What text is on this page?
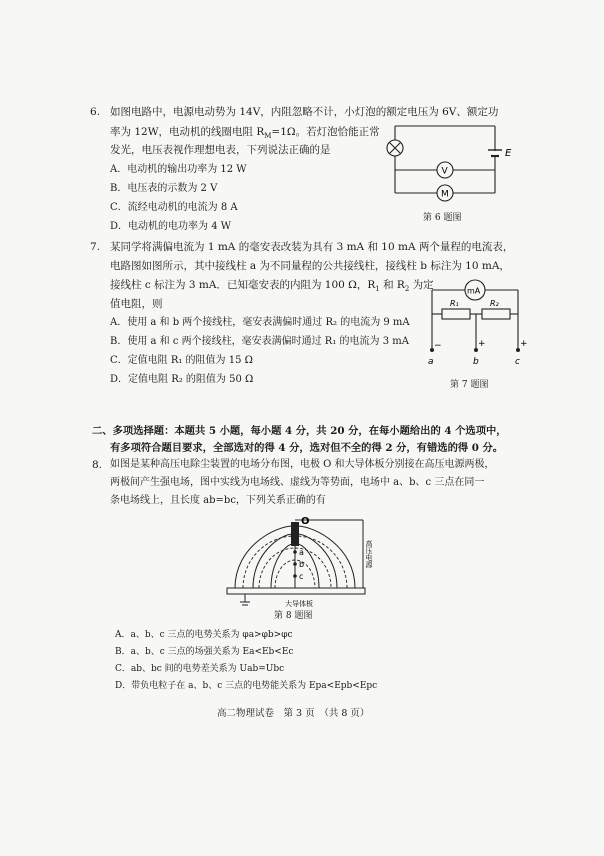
6. 如图电路中，电源电动势为 14V，内阻忽略不计，小灯泡的额定电压为 6V、额定功
率为 12W，电动机的线圈电阻 $R_M=1\Omega$。若灯泡恰能正常
发光，电压表视作理想电表，下列说法正确的是
A．电动机的输出功率为 12 W
B．电压表的示数为 2 V
C．流经电动机的电流为 8 A
D．电动机的电功率为 4 W
E
V
M
第 6 题图
7. 某同学将满偏电流为 1 mA 的毫安表改装为具有 3 mA 和 10 mA 两个量程的电流表，
电路图如图所示，其中接线柱 a 为不同量程的公共接线柱，接线柱 b 标注为 10 mA，
接线柱 c 标注为 3 mA．已知毫安表的内阻为 100 Ω，$R_1$ 和 $R_2$ 为定
值电阻，则
A．使用 a 和 b 两个接线柱，毫安表满偏时通过 R₂ 的电流为 9 mA
B．使用 a 和 c 两个接线柱，毫安表满偏时通过 R₁ 的电流为 3 mA
C．定值电阻 R₁ 的阻值为 15 Ω
D．定值电阻 R₂ 的阻值为 50 Ω
mA
R₁	R₂
−	+	+
a	b	c
第 7 题图
二、多项选择题：本题共 5 小题，每小题 4 分，共 20 分，在每小题给出的 4 个选项中，
有多项符合题目要求，全部选对的得 4 分，选对但不全的得 2 分，有错选的得 0 分。
8. 如图是某种高压电除尘装置的电场分布图，电极 O 和大导体板分别接在高压电源两极，
两极间产生强电场，图中实线为电场线、虚线为等势面，电场中 a、b、c 三点在同一
条电场线上，且长度 ab=bc，下列关系正确的有
O
a
b
c
高压电源
大导体板
第 8 题图
A．a、b、c 三点的电势关系为 φa>φb>φc
B．a、b、c 三点的场强关系为 Ea<Eb<Ec
C．ab、bc 间的电势差关系为 Uab=Ubc
D．带负电粒子在 a、b、c 三点的电势能关系为 Epa<Epb<Epc
高二物理试卷　第 3 页　（共 8 页）
